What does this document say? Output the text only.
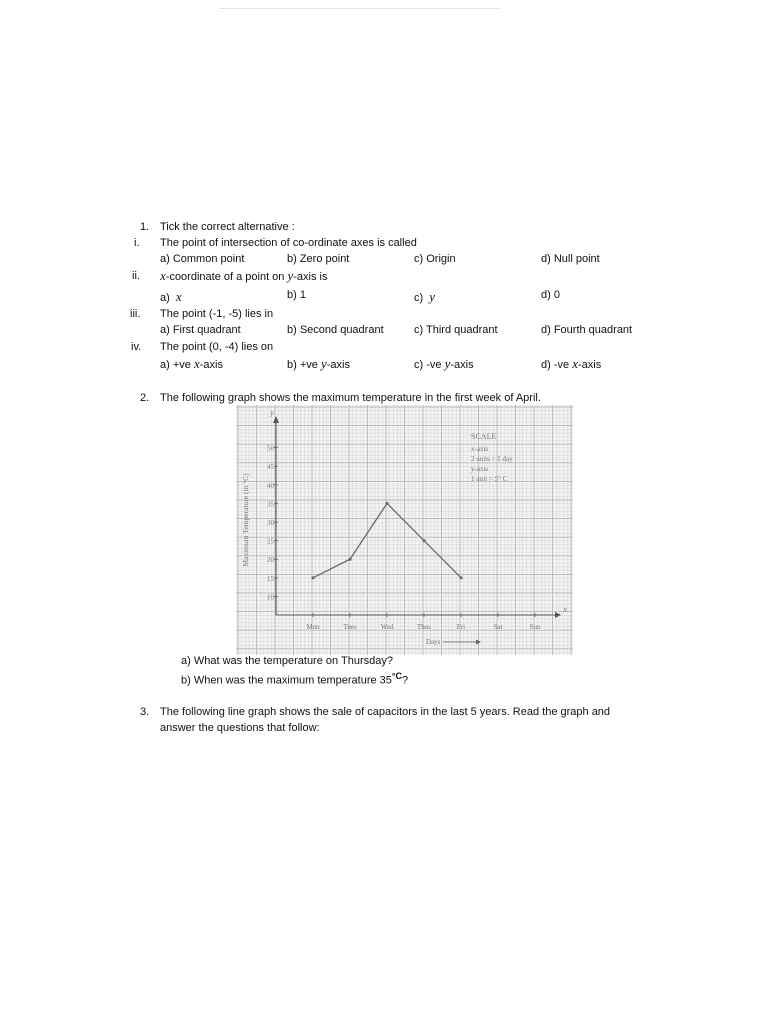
1. Tick the correct alternative :
i. The point of intersection of co-ordinate axes is called
a) Common point	b) Zero point	c) Origin	d) Null point
ii. x-coordinate of a point on y-axis is
a) x	b) 1	c) y	d) 0
iii. The point (-1, -5) lies in
a) First quadrant	b) Second quadrant	c) Third quadrant	d) Fourth quadrant
iv. The point (0, -4) lies on
a) +ve x-axis	b) +ve y-axis	c) -ve y-axis	d) -ve x-axis
2. The following graph shows the maximum temperature in the first week of April.
y
x
10
15
20
25
30
35
40
45
50
Maximum Temperature (in °C)
Mon	Tues	Wed	Thus	Fri	Sat	Sun
Days
SCALE
x-axis
2 units = 1 day
y-axis
1 unit = 5° C
a) What was the temperature on Thursday?
b) When was the maximum temperature $35^{^\circ C}$?
3. The following line graph shows the sale of capacitors in the last 5 years. Read the graph and
answer the questions that follow:
